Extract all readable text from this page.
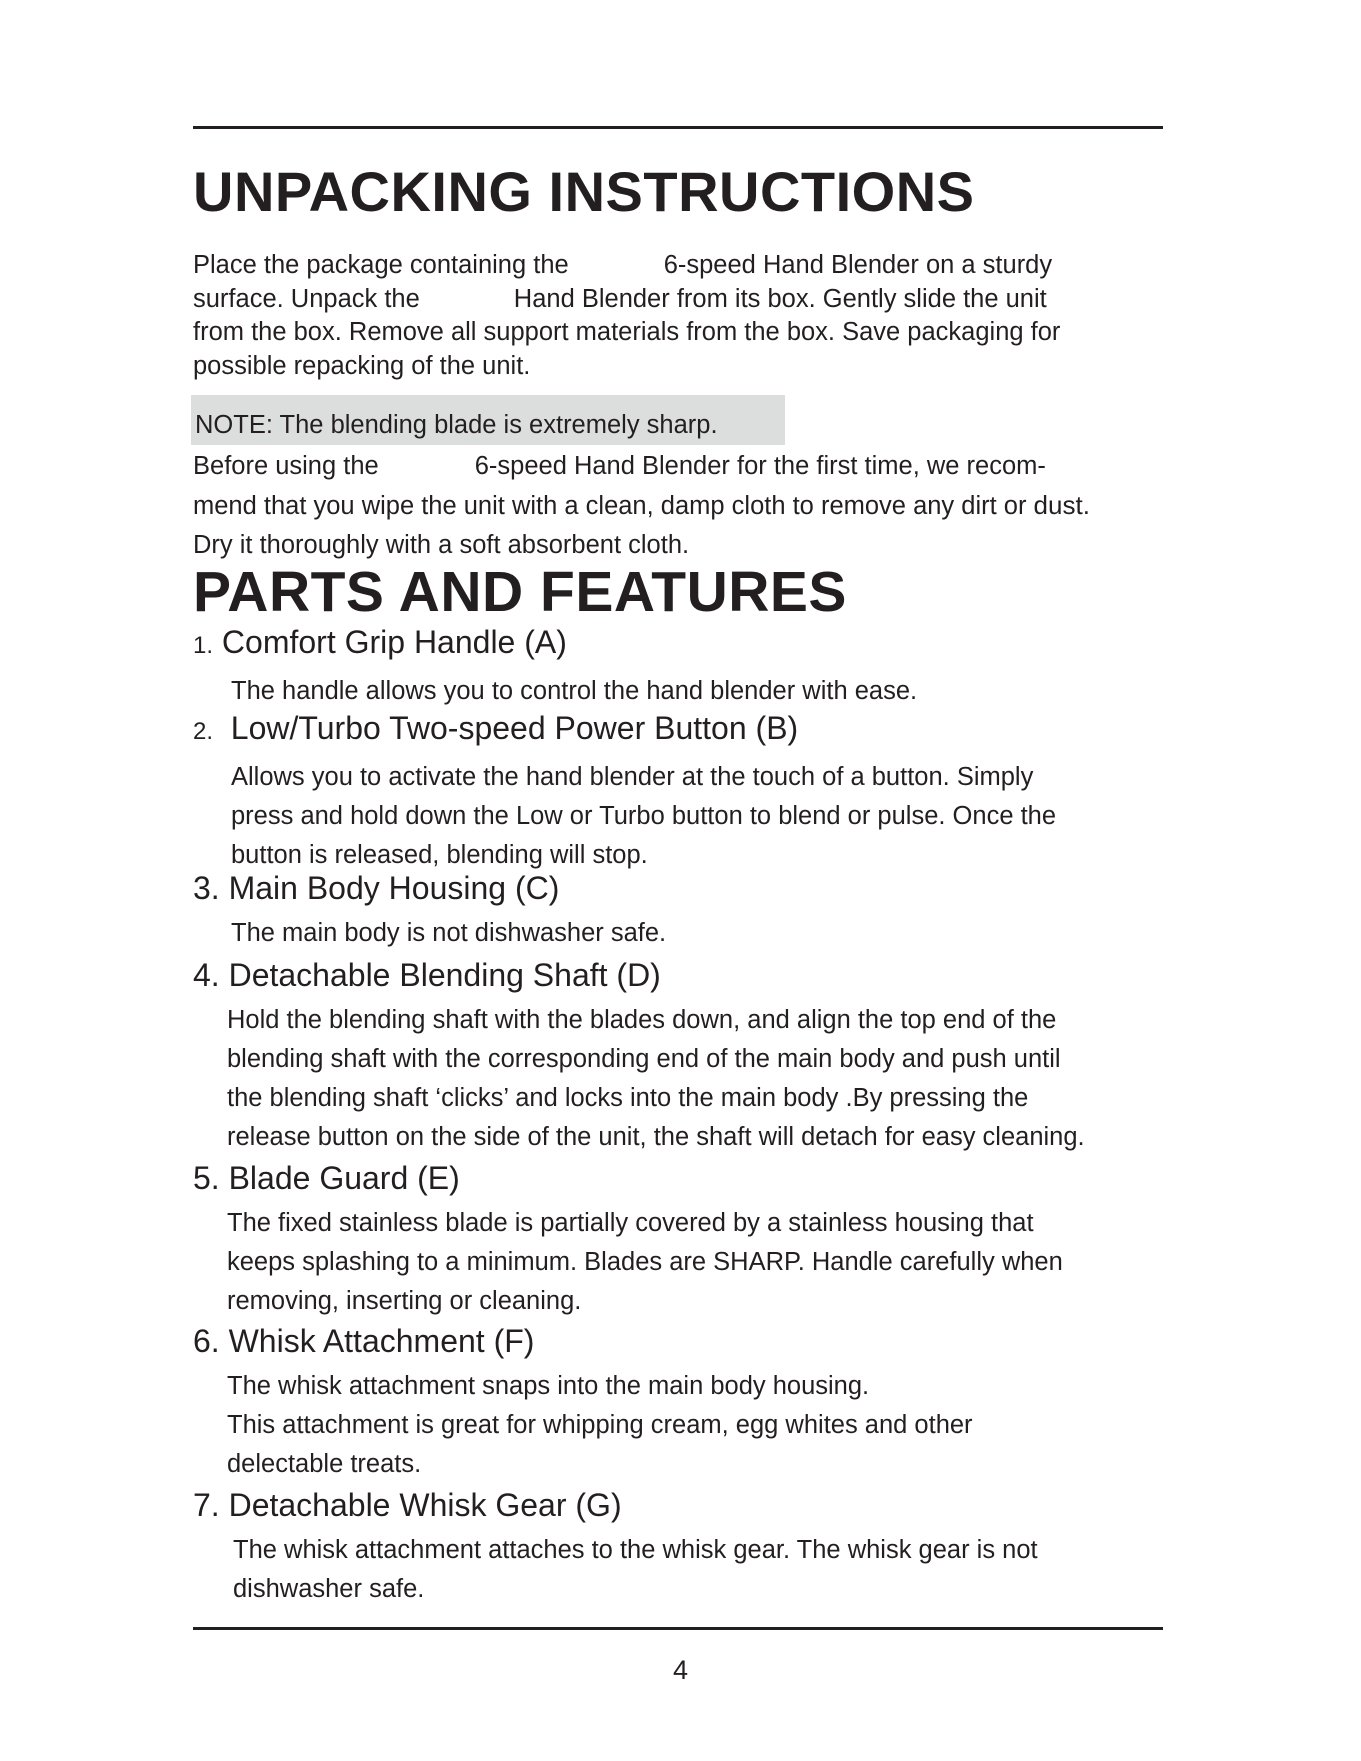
UNPACKING INSTRUCTIONS

Place the package containing the	6-speed Hand Blender on a sturdy
surface. Unpack the	Hand Blender from its box. Gently slide the unit
from the box. Remove all support materials from the box. Save packaging for
possible repacking of the unit.

NOTE: The blending blade is extremely sharp.

Before using the	6-speed Hand Blender for the first time, we recom-
mend that you wipe the unit with a clean, damp cloth to remove any dirt or dust.
Dry it thoroughly with a soft absorbent cloth.

PARTS AND FEATURES

1. Comfort Grip Handle (A)

The handle allows you to control the hand blender with ease.

2. Low/Turbo Two-speed Power Button (B)

Allows you to activate the hand blender at the touch of a button. Simply
press and hold down the Low or Turbo button to blend or pulse. Once the
button is released, blending will stop.

3. Main Body Housing (C)

The main body is not dishwasher safe.

4. Detachable Blending Shaft (D)

Hold the blending shaft with the blades down, and align the top end of the
blending shaft with the corresponding end of the main body and push until
the blending shaft ‘clicks’ and locks into the main body .By pressing the
release button on the side of the unit, the shaft will detach for easy cleaning.

5. Blade Guard (E)

The fixed stainless blade is partially covered by a stainless housing that
keeps splashing to a minimum. Blades are SHARP. Handle carefully when
removing, inserting or cleaning.

6. Whisk Attachment (F)

The whisk attachment snaps into the main body housing.
This attachment is great for whipping cream, egg whites and other
delectable treats.

7. Detachable Whisk Gear (G)

The whisk attachment attaches to the whisk gear. The whisk gear is not
dishwasher safe.

4
